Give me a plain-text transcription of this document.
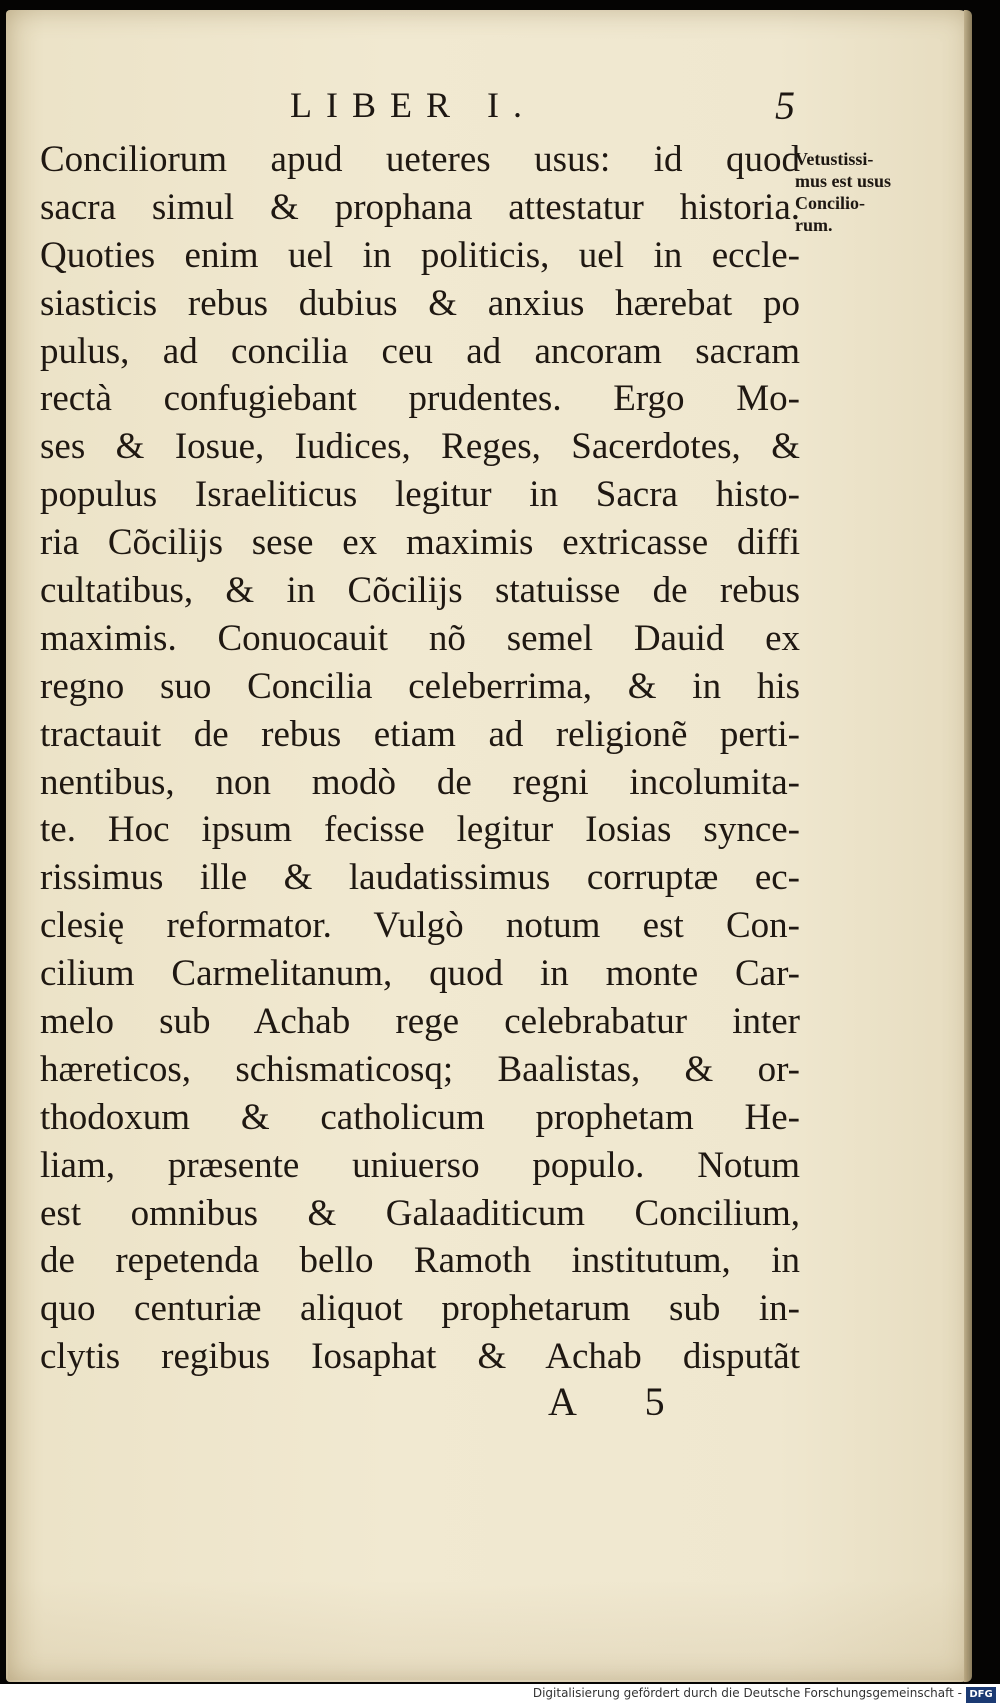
LIBER I.	5
Vetustissi-
mus est usus
Concilio-
rum.
Conciliorum apud ueteres usus: id quod
sacra simul & prophana attestatur historia.
Quoties enim uel in politicis, uel in eccle-
siasticis rebus dubius & anxius hærebat po
pulus, ad concilia ceu ad ancoram sacram
rectà confugiebant prudentes. Ergo Mo-
ses & Iosue, Iudices, Reges, Sacerdotes, &
populus Israeliticus legitur in Sacra histo-
ria Cõcilijs sese ex maximis extricasse diffi
cultatibus, & in Cõcilijs statuisse de rebus
maximis. Conuocauit nõ semel Dauid ex
regno suo Concilia celeberrima, & in his
tractauit de rebus etiam ad religionẽ perti-
nentibus, non modò de regni incolumita-
te. Hoc ipsum fecisse legitur Iosias synce-
rissimus ille & laudatissimus corruptæ ec-
clesię reformator. Vulgò notum est Con-
cilium Carmelitanum, quod in monte Car-
melo sub Achab rege celebrabatur inter
hæreticos, schismaticosq; Baalistas, & or-
thodoxum & catholicum prophetam He-
liam, præsente uniuerso populo. Notum
est omnibus & Galaaditicum Concilium,
de repetenda bello Ramoth institutum, in
quo centuriæ aliquot prophetarum sub in-
clytis regibus Iosaphat & Achab disputãt
A 5
Digitalisierung gefördert durch die Deutsche Forschungsgemeinschaft - DFG
